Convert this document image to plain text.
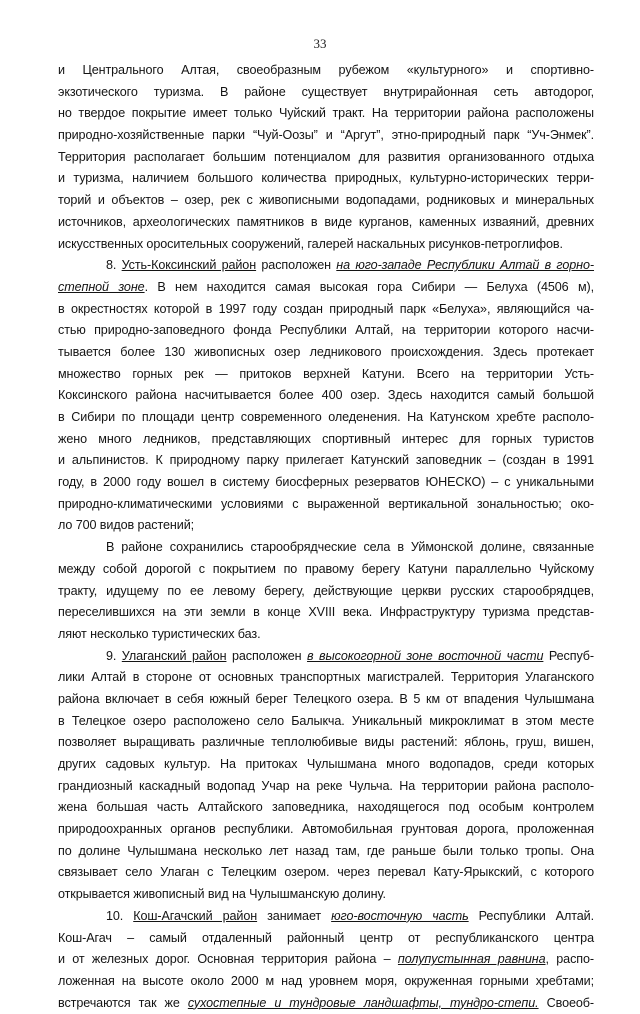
33
и Центрального Алтая, своеобразным рубежом «культурного» и спортивно-
экзотического туризма. В районе существует внутрирайонная сеть автодорог,
но твердое покрытие имеет только Чуйский тракт. На территории района расположены
природно-хозяйственные парки “Чуй-Оозы” и “Аргут”, этно-природный парк “Уч-Энмек”.
Территория располагает большим потенциалом для развития организованного отдыха
и туризма, наличием большого количества природных, культурно-исторических терри-
торий и объектов – озер, рек с живописными водопадами, родниковых и минеральных
источников, археологических памятников в виде курганов, каменных изваяний, древних
искусственных оросительных сооружений, галерей наскальных рисунков-петроглифов.
8. Усть-Коксинский район расположен на юго-западе Республики Алтай в горно-
степной зоне. В нем находится самая высокая гора Сибири — Белуха (4506 м),
в окрестностях которой в 1997 году создан природный парк «Белуха», являющийся ча-
стью природно-заповедного фонда Республики Алтай, на территории которого насчи-
тывается более 130 живописных озер ледникового происхождения. Здесь протекает
множество горных рек — притоков верхней Катуни. Всего на территории Усть-
Коксинского района насчитывается более 400 озер. Здесь находится самый большой
в Сибири по площади центр современного оледенения. На Катунском хребте располо-
жено много ледников, представляющих спортивный интерес для горных туристов
и альпинистов. К природному парку прилегает Катунский заповедник – (создан в 1991
году, в 2000 году вошел в систему биосферных резерватов ЮНЕСКО) – с уникальными
природно-климатическими условиями с выраженной вертикальной зональностью; око-
ло 700 видов растений;
В районе сохранились старообрядческие села в Уймонской долине, связанные
между собой дорогой с покрытием по правому берегу Катуни параллельно Чуйскому
тракту, идущему по ее левому берегу, действующие церкви русских старообрядцев,
переселившихся на эти земли в конце XVIII века. Инфраструктуру туризма представ-
ляют несколько туристических баз.
9. Улаганский район расположен в высокогорной зоне восточной части Респуб-
лики Алтай в стороне от основных транспортных магистралей. Территория Улаганского
района включает в себя южный берег Телецкого озера. В 5 км от впадения Чулышмана
в Телецкое озеро расположено село Балыкча. Уникальный микроклимат в этом месте
позволяет выращивать различные теплолюбивые виды растений: яблонь, груш, вишен,
других садовых культур. На притоках Чулышмана много водопадов, среди которых
грандиозный каскадный водопад Учар на реке Чульча. На территории района располо-
жена большая часть Алтайского заповедника, находящегося под особым контролем
природоохранных органов республики. Автомобильная грунтовая дорога, проложенная
по долине Чулышмана несколько лет назад там, где раньше были только тропы. Она
связывает село Улаган с Телецким озером. через перевал Кату-Ярыкский, с которого
открывается живописный вид на Чулышманскую долину.
10. Кош-Агачский район занимает юго-восточную часть Республики Алтай.
Кош-Агач – самый отдаленный районный центр от республиканского центра
и от железных дорог. Основная территория района – полупустынная равнина, распо-
ложенная на высоте около 2000 м над уровнем моря, окруженная горными хребтами;
встречаются так же сухостепные и тундровые ландшафты, тундро-степи. Своеоб-
